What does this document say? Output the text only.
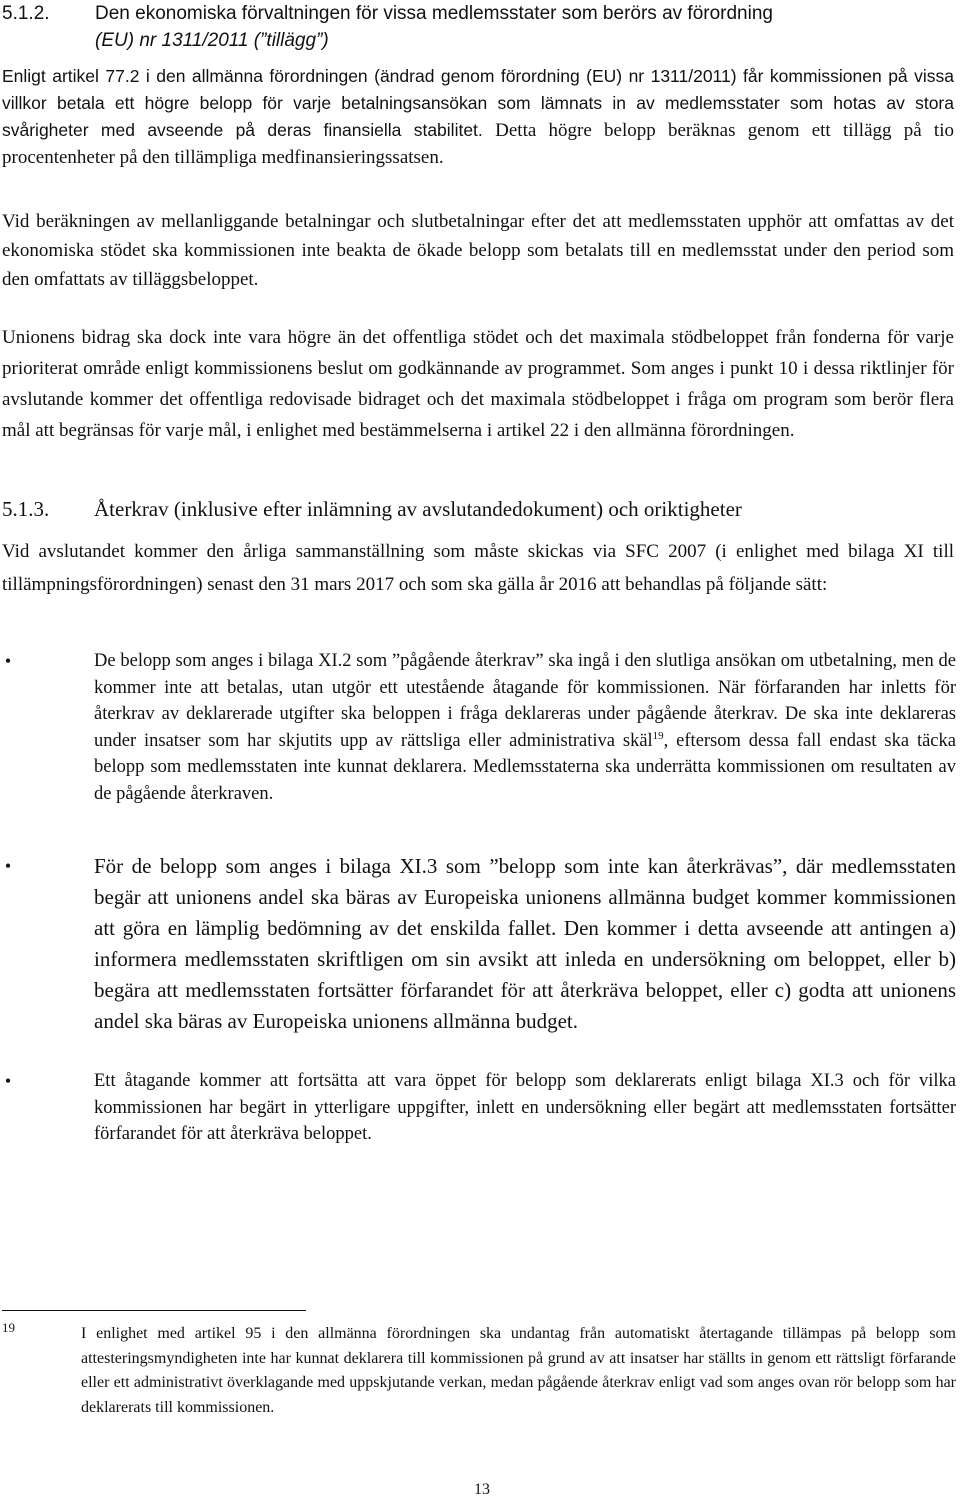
5.1.2. Den ekonomiska förvaltningen för vissa medlemsstater som berörs av förordning
(EU) nr 1311/2011 (”tillägg”)
Enligt artikel 77.2 i den allmänna förordningen (ändrad genom förordning (EU) nr 1311/2011) får kommissionen på vissa villkor betala ett högre belopp för varje betalningsansökan som lämnats in av medlemsstater som hotas av stora svårigheter med avseende på deras finansiella stabilitet. Detta högre belopp beräknas genom ett tillägg på tio procentenheter på den tillämpliga medfinansieringssatsen.
Vid beräkningen av mellanliggande betalningar och slutbetalningar efter det att medlemsstaten upphör att omfattas av det ekonomiska stödet ska kommissionen inte beakta de ökade belopp som betalats till en medlemsstat under den period som den omfattats av tilläggsbeloppet.
Unionens bidrag ska dock inte vara högre än det offentliga stödet och det maximala stödbeloppet från fonderna för varje prioriterat område enligt kommissionens beslut om godkännande av programmet. Som anges i punkt 10 i dessa riktlinjer för avslutande kommer det offentliga redovisade bidraget och det maximala stödbeloppet i fråga om program som berör flera mål att begränsas för varje mål, i enlighet med bestämmelserna i artikel 22 i den allmänna förordningen.
5.1.3. Återkrav (inklusive efter inlämning av avslutandedokument) och oriktigheter
Vid avslutandet kommer den årliga sammanställning som måste skickas via SFC 2007 (i enlighet med bilaga XI till tillämpningsförordningen) senast den 31 mars 2017 och som ska gälla år 2016 att behandlas på följande sätt:
•	De belopp som anges i bilaga XI.2 som ”pågående återkrav” ska ingå i den slutliga ansökan om utbetalning, men de kommer inte att betalas, utan utgör ett utestående åtagande för kommissionen. När förfaranden har inletts för återkrav av deklarerade utgifter ska beloppen i fråga deklareras under pågående återkrav. De ska inte deklareras under insatser som har skjutits upp av rättsliga eller administrativa skäl$^{19}$, eftersom dessa fall endast ska täcka belopp som medlemsstaten inte kunnat deklarera. Medlemsstaterna ska underrätta kommissionen om resultaten av de pågående återkraven.
•	För de belopp som anges i bilaga XI.3 som ”belopp som inte kan återkrävas”, där medlemsstaten begär att unionens andel ska bäras av Europeiska unionens allmänna budget kommer kommissionen att göra en lämplig bedömning av det enskilda fallet. Den kommer i detta avseende att antingen a) informera medlemsstaten skriftligen om sin avsikt att inleda en undersökning om beloppet, eller b) begära att medlemsstaten fortsätter förfarandet för att återkräva beloppet, eller c) godta att unionens andel ska bäras av Europeiska unionens allmänna budget.
•	Ett åtagande kommer att fortsätta att vara öppet för belopp som deklarerats enligt bilaga XI.3 och för vilka kommissionen har begärt in ytterligare uppgifter, inlett en undersökning eller begärt att medlemsstaten fortsätter förfarandet för att återkräva beloppet.
19	I enlighet med artikel 95 i den allmänna förordningen ska undantag från automatiskt återtagande tillämpas på belopp som attesteringsmyndigheten inte har kunnat deklarera till kommissionen på grund av att insatser har ställts in genom ett rättsligt förfarande eller ett administrativt överklagande med uppskjutande verkan, medan pågående återkrav enligt vad som anges ovan rör belopp som har deklarerats till kommissionen.
13
